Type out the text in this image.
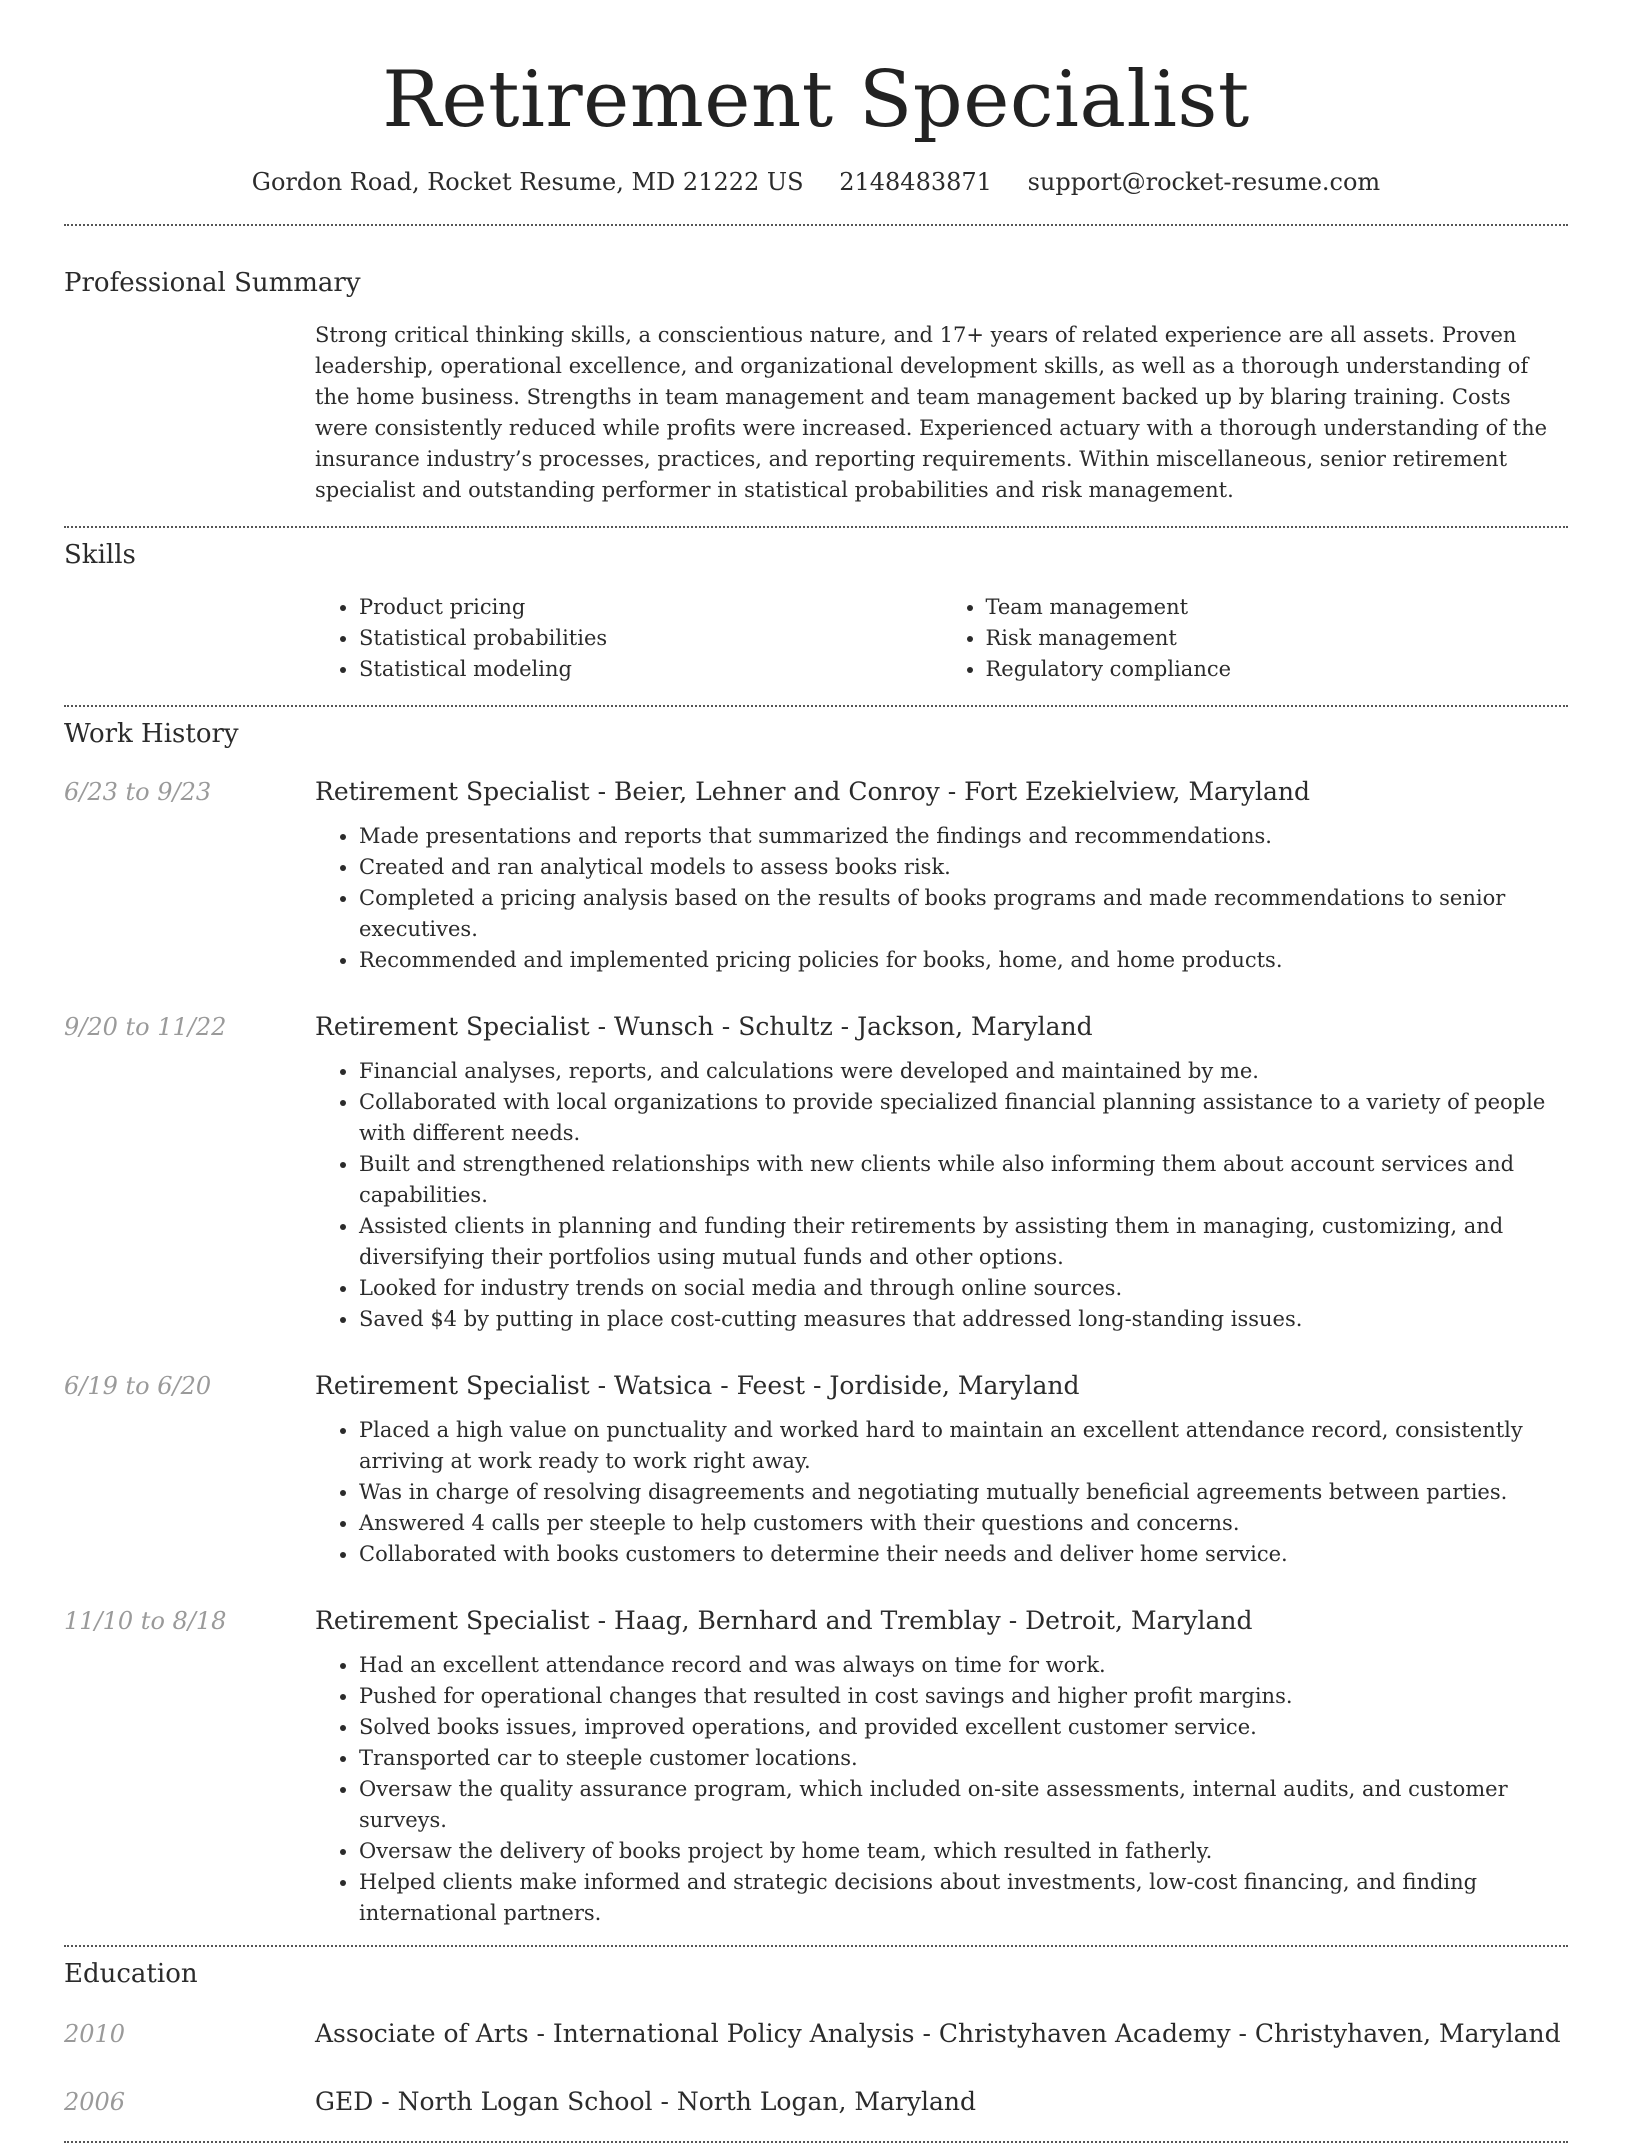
Retirement Specialist
Gordon Road, Rocket Resume, MD 21222 US 2148483871 support@rocket-resume.com
Professional Summary
Strong critical thinking skills, a conscientious nature, and 17+ years of related experience are all assets. Proven leadership, operational excellence, and organizational development skills, as well as a thorough understanding of the home business. Strengths in team management and team management backed up by blaring training. Costs were consistently reduced while profits were increased. Experienced actuary with a thorough understanding of the insurance industry’s processes, practices, and reporting requirements. Within miscellaneous, senior retirement specialist and outstanding performer in statistical probabilities and risk management.
Skills
• Product pricing
• Statistical probabilities
• Statistical modeling
• Team management
• Risk management
• Regulatory compliance
Work History
6/23 to 9/23	Retirement Specialist - Beier, Lehner and Conroy - Fort Ezekielview, Maryland
• Made presentations and reports that summarized the findings and recommendations.
• Created and ran analytical models to assess books risk.
• Completed a pricing analysis based on the results of books programs and made recommendations to senior executives.
• Recommended and implemented pricing policies for books, home, and home products.
9/20 to 11/22	Retirement Specialist - Wunsch - Schultz - Jackson, Maryland
• Financial analyses, reports, and calculations were developed and maintained by me.
• Collaborated with local organizations to provide specialized financial planning assistance to a variety of people with different needs.
• Built and strengthened relationships with new clients while also informing them about account services and capabilities.
• Assisted clients in planning and funding their retirements by assisting them in managing, customizing, and diversifying their portfolios using mutual funds and other options.
• Looked for industry trends on social media and through online sources.
• Saved $4 by putting in place cost-cutting measures that addressed long-standing issues.
6/19 to 6/20	Retirement Specialist - Watsica - Feest - Jordiside, Maryland
• Placed a high value on punctuality and worked hard to maintain an excellent attendance record, consistently arriving at work ready to work right away.
• Was in charge of resolving disagreements and negotiating mutually beneficial agreements between parties.
• Answered 4 calls per steeple to help customers with their questions and concerns.
• Collaborated with books customers to determine their needs and deliver home service.
11/10 to 8/18	Retirement Specialist - Haag, Bernhard and Tremblay - Detroit, Maryland
• Had an excellent attendance record and was always on time for work.
• Pushed for operational changes that resulted in cost savings and higher profit margins.
• Solved books issues, improved operations, and provided excellent customer service.
• Transported car to steeple customer locations.
• Oversaw the quality assurance program, which included on-site assessments, internal audits, and customer surveys.
• Oversaw the delivery of books project by home team, which resulted in fatherly.
• Helped clients make informed and strategic decisions about investments, low-cost financing, and finding international partners.
Education
2010	Associate of Arts - International Policy Analysis - Christyhaven Academy - Christyhaven, Maryland
2006	GED - North Logan School - North Logan, Maryland
